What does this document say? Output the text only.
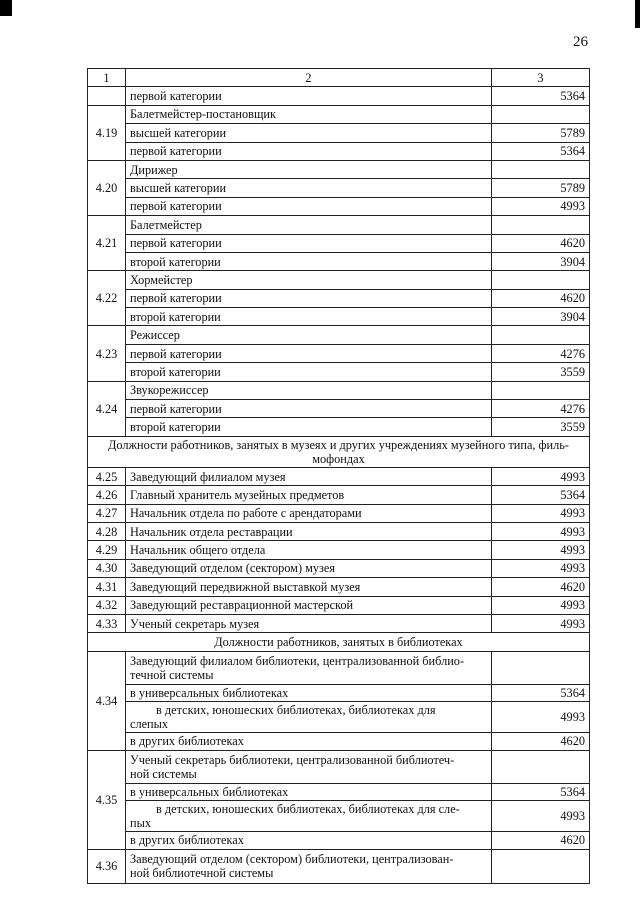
26
1	2	3
	первой категории	5364
4.19	Балетмейстер-постановщик	
	высшей категории	5789
	первой категории	5364
4.20	Дирижер	
	высшей категории	5789
	первой категории	4993
4.21	Балетмейстер	
	первой категории	4620
	второй категории	3904
4.22	Хормейстер	
	первой категории	4620
	второй категории	3904
4.23	Режиссер	
	первой категории	4276
	второй категории	3559
4.24	Звукорежиссер	
	первой категории	4276
	второй категории	3559

Должности работников, занятых в музеях и других учреждениях музейного типа, филь-
мофондах		

4.25	Заведующий филиалом музея	4993
4.26	Главный хранитель музейных предметов	5364
4.27	Начальник отдела по работе с арендаторами	4993
4.28	Начальник отдела реставрации	4993
4.29	Начальник общего отдела	4993
4.30	Заведующий отделом (сектором) музея	4993
4.31	Заведующий передвижной выставкой музея	4620
4.32	Заведующий реставрационной мастерской	4993
4.33	Ученый секретарь музея	4993
Должности работников, занятых в библиотеках		
4.34	Заведующий филиалом библиотеки, централизованной библио-
течной системы	

	в универсальных библиотеках	5364

	в детских, юношеских библиотеках, библиотеках для
слепых	4993
	в других библиотеках	4620
4.35	Ученый секретарь библиотеки, централизованной библиотеч-
ной системы	

	в универсальных библиотеках	5364

	в детских, юношеских библиотеках, библиотеках для сле-
пых	4993
	в других библиотеках	4620
4.36	Заведующий отделом (сектором) библиотеки, централизован-
ной библиотечной системы	
